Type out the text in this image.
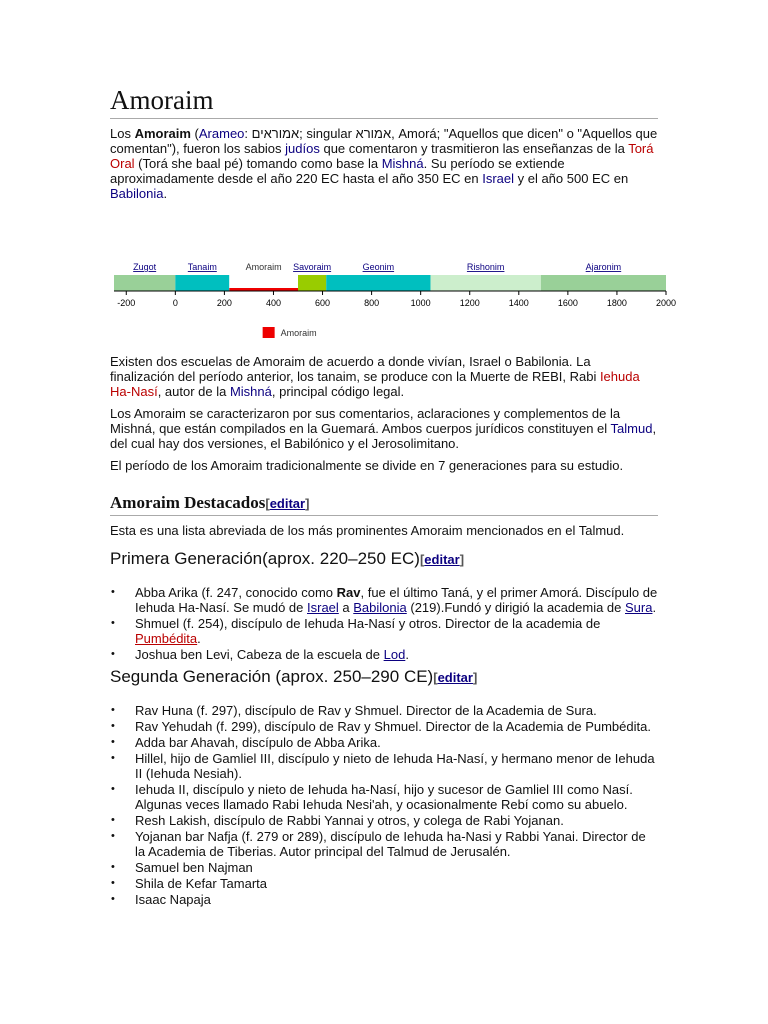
Amoraim

Los Amoraim (Arameo: אמוראים; singular אמורא, Amorá; "Aquellos que dicen" o "Aquellos que comentan"), fueron los sabios judíos que comentaron y trasmitieron las enseñanzas de la Torá Oral (Torá she baal pé) tomando como base la Mishná. Su período se extiende aproximadamente desde el año 220 EC hasta el año 350 EC en Israel y el año 500 EC en Babilonia.

Zugot	Tanaim	Amoraim Savoraim	Geonim	Rishonim	Ajaronim
-200	0	200	400	600	800	1000	1200	1400	1600	1800	2000
Amoraim

Existen dos escuelas de Amoraim de acuerdo a donde vivían, Israel o Babilonia. La finalización del período anterior, los tanaim, se produce con la Muerte de REBI, Rabi Iehuda Ha-Nasí, autor de la Mishná, principal código legal.

Los Amoraim se caracterizaron por sus comentarios, aclaraciones y complementos de la Mishná, que están compilados en la Guemará. Ambos cuerpos jurídicos constituyen el Talmud, del cual hay dos versiones, el Babilónico y el Jerosolimitano.

El período de los Amoraim tradicionalmente se divide en 7 generaciones para su estudio.

Amoraim Destacados[editar]

Esta es una lista abreviada de los más prominentes Amoraim mencionados en el Talmud.

Primera Generación(aprox. 220–250 EC)[editar]
• Abba Arika (f. 247, conocido como Rav, fue el último Taná, y el primer Amorá. Discípulo de Iehuda Ha-Nasí. Se mudó de Israel a Babilonia (219).Fundó y dirigió la academia de Sura.
• Shmuel (f. 254), discípulo de Iehuda Ha-Nasí y otros. Director de la academia de Pumbédita.
• Joshua ben Levi, Cabeza de la escuela de Lod.
Segunda Generación (aprox. 250–290 CE)[editar]
• Rav Huna (f. 297), discípulo de Rav y Shmuel. Director de la Academia de Sura.
• Rav Yehudah (f. 299), discípulo de Rav y Shmuel. Director de la Academia de Pumbédita.
• Adda bar Ahavah, discípulo de Abba Arika.
• Hillel, hijo de Gamliel III, discípulo y nieto de Iehuda Ha-Nasí, y hermano menor de Iehuda II (Iehuda Nesiah).
• Iehuda II, discípulo y nieto de Iehuda ha-Nasí, hijo y sucesor de Gamliel III como Nasí. Algunas veces llamado Rabi Iehuda Nesi'ah, y ocasionalmente Rebí como su abuelo.
• Resh Lakish, discípulo de Rabbi Yannai y otros, y colega de Rabi Yojanan.
• Yojanan bar Nafja (f. 279 or 289), discípulo de Iehuda ha-Nasi y Rabbi Yanai. Director de la Academia de Tiberias. Autor principal del Talmud de Jerusalén.
• Samuel ben Najman
• Shila de Kefar Tamarta
• Isaac Napaja
